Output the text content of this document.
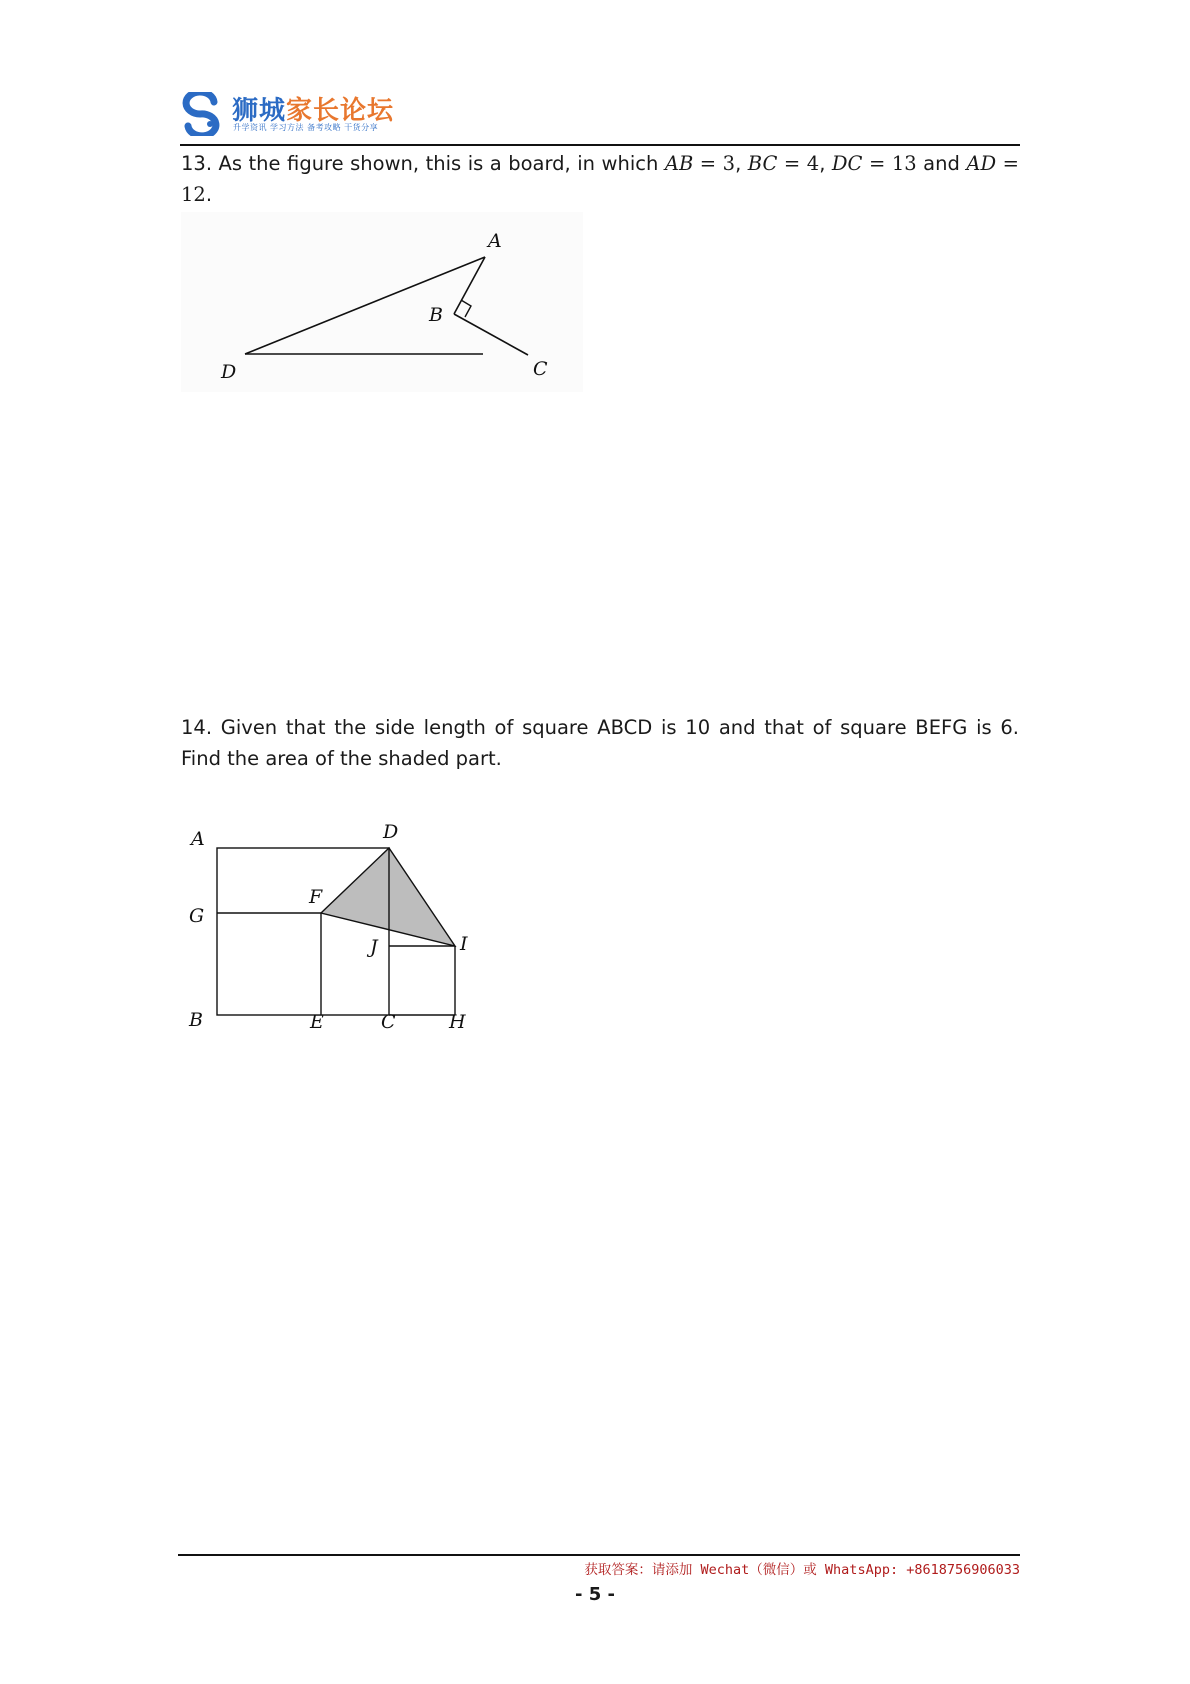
狮城家长论坛
升学资讯 学习方法 备考攻略 干货分享
13. As the figure shown, this is a board, in which AB = 3, BC = 4, DC = 13 and AD = 12.

A
B
C
D
14. Given that the side length of square ABCD is 10 and that of square BEFG is 6. Find the area of the shaded part.
A	D
F
G
J	I
B	E	C	H
获取答案：请添加 Wechat（微信）或 WhatsApp: +8618756906033
- 5 -
